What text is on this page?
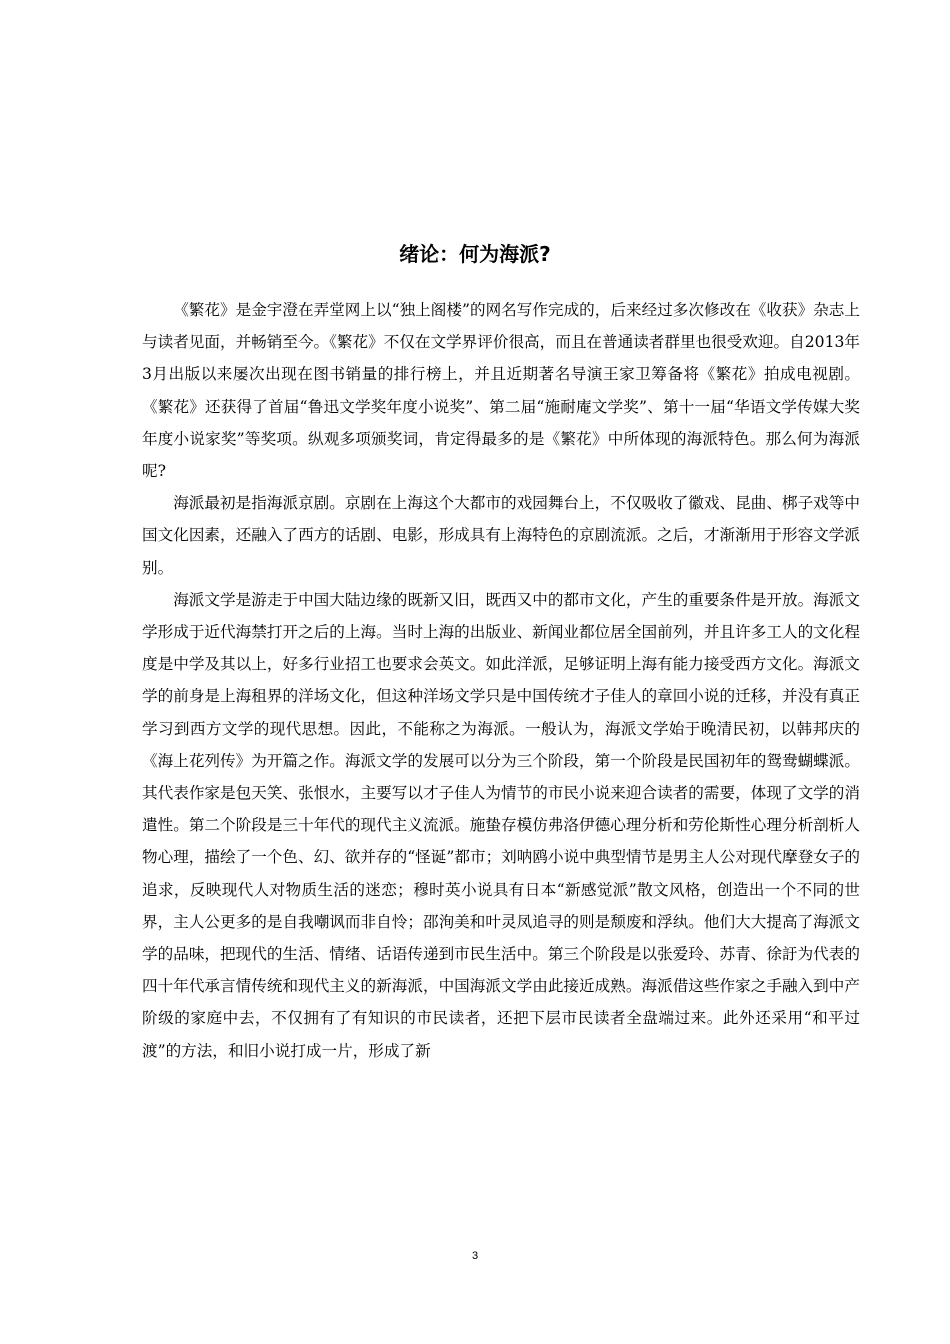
绪论：何为海派?

《繁花》是金宇澄在弄堂网上以“独上阁楼”的网名写作完成的，后来经过多次修改在《收获》杂志上与读者见面，并畅销至今。《繁花》不仅在文学界评价很高，而且在普通读者群里也很受欢迎。自2013年3月出版以来屡次出现在图书销量的排行榜上，并且近期著名导演王家卫筹备将《繁花》拍成电视剧。《繁花》还获得了首届“鲁迅文学奖年度小说奖”、第二届“施耐庵文学奖”、第十一届“华语文学传媒大奖年度小说家奖”等奖项。纵观多项颁奖词，肯定得最多的是《繁花》中所体现的海派特色。那么何为海派呢?

海派最初是指海派京剧。京剧在上海这个大都市的戏园舞台上，不仅吸收了徽戏、昆曲、梆子戏等中国文化因素，还融入了西方的话剧、电影，形成具有上海特色的京剧流派。之后，才渐渐用于形容文学派别。

海派文学是游走于中国大陆边缘的既新又旧，既西又中的都市文化，产生的重要条件是开放。海派文学形成于近代海禁打开之后的上海。当时上海的出版业、新闻业都位居全国前列，并且许多工人的文化程度是中学及其以上，好多行业招工也要求会英文。如此洋派，足够证明上海有能力接受西方文化。海派文学的前身是上海租界的洋场文化，但这种洋场文学只是中国传统才子佳人的章回小说的迁移，并没有真正学习到西方文学的现代思想。因此，不能称之为海派。一般认为，海派文学始于晚清民初，以韩邦庆的《海上花列传》为开篇之作。海派文学的发展可以分为三个阶段，第一个阶段是民国初年的鸳鸯蝴蝶派。其代表作家是包天笑、张恨水，主要写以才子佳人为情节的市民小说来迎合读者的需要，体现了文学的消遣性。第二个阶段是三十年代的现代主义流派。施蛰存模仿弗洛伊德心理分析和劳伦斯性心理分析剖析人物心理，描绘了一个色、幻、欲并存的“怪诞”都市；刘呐鸥小说中典型情节是男主人公对现代摩登女子的追求，反映现代人对物质生活的迷恋；穆时英小说具有日本“新感觉派”散文风格，创造出一个不同的世界，主人公更多的是自我嘲讽而非自怜；邵洵美和叶灵凤追寻的则是颓废和浮纨。他们大大提高了海派文学的品味，把现代的生活、情绪、话语传递到市民生活中。第三个阶段是以张爱玲、苏青、徐訏为代表的四十年代承言情传统和现代主义的新海派，中国海派文学由此接近成熟。海派借这些作家之手融入到中产阶级的家庭中去，不仅拥有了有知识的市民读者，还把下层市民读者全盘端过来。此外还采用“和平过渡”的方法，和旧小说打成一片，形成了新

3
